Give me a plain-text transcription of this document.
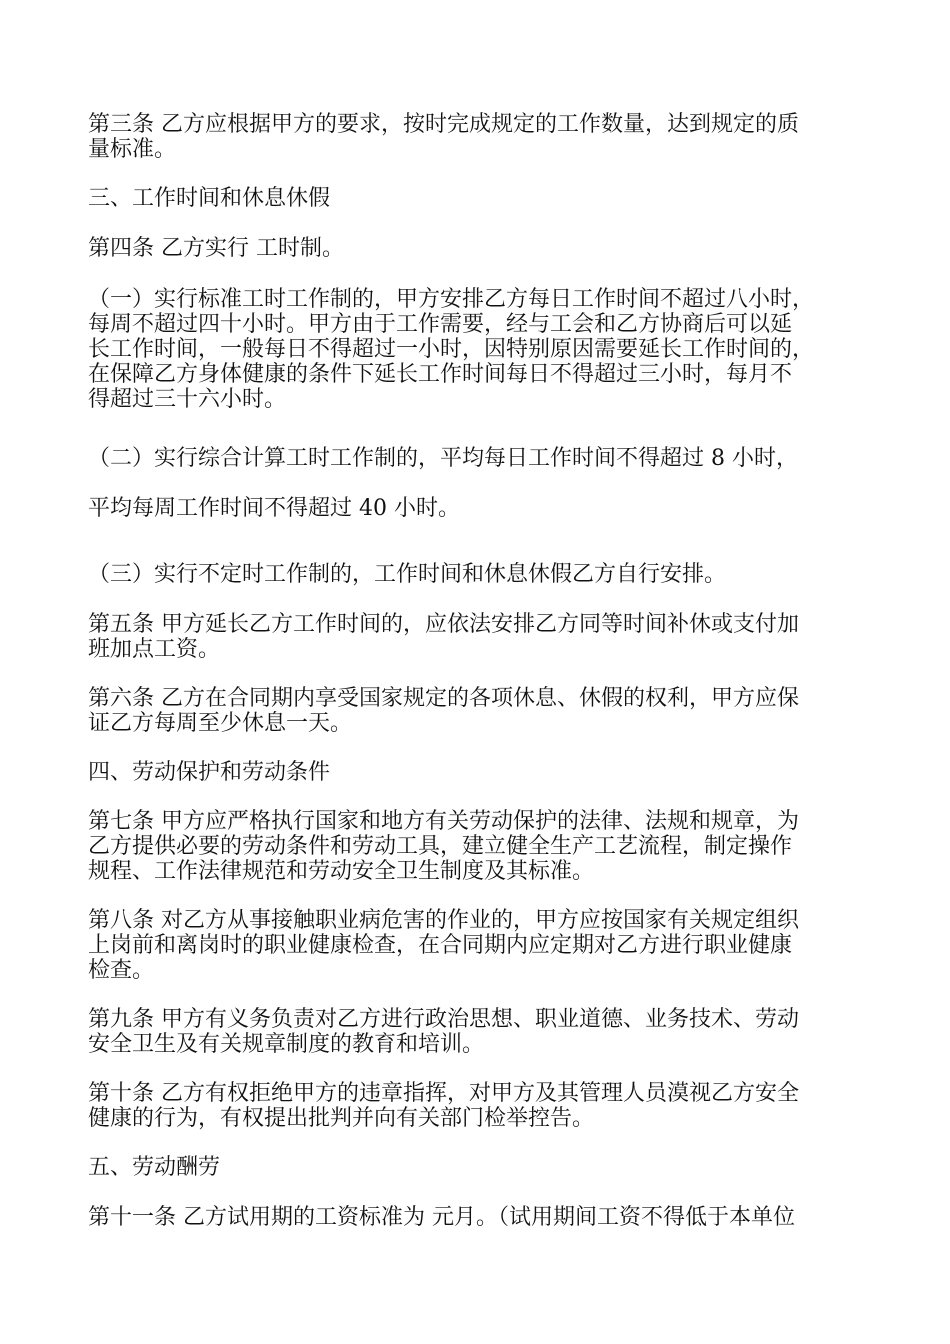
第三条 乙方应根据甲方的要求，按时完成规定的工作数量，达到规定的质
量标准。

三、工作时间和休息休假

第四条 乙方实行 工时制。

（一）实行标准工时工作制的，甲方安排乙方每日工作时间不超过八小时，
每周不超过四十小时。甲方由于工作需要，经与工会和乙方协商后可以延
长工作时间，一般每日不得超过一小时，因特别原因需要延长工作时间的，
在保障乙方身体健康的条件下延长工作时间每日不得超过三小时，每月不
得超过三十六小时。

（二）实行综合计算工时工作制的，平均每日工作时间不得超过 8 小时，

平均每周工作时间不得超过 40 小时。

（三）实行不定时工作制的，工作时间和休息休假乙方自行安排。

第五条 甲方延长乙方工作时间的，应依法安排乙方同等时间补休或支付加
班加点工资。

第六条 乙方在合同期内享受国家规定的各项休息、休假的权利，甲方应保
证乙方每周至少休息一天。

四、劳动保护和劳动条件

第七条 甲方应严格执行国家和地方有关劳动保护的法律、法规和规章，为
乙方提供必要的劳动条件和劳动工具，建立健全生产工艺流程，制定操作
规程、工作法律规范和劳动安全卫生制度及其标准。

第八条 对乙方从事接触职业病危害的作业的，甲方应按国家有关规定组织
上岗前和离岗时的职业健康检查，在合同期内应定期对乙方进行职业健康
检查。

第九条 甲方有义务负责对乙方进行政治思想、职业道德、业务技术、劳动
安全卫生及有关规章制度的教育和培训。

第十条 乙方有权拒绝甲方的违章指挥，对甲方及其管理人员漠视乙方安全
健康的行为，有权提出批判并向有关部门检举控告。

五、劳动酬劳

第十一条 乙方试用期的工资标准为 元月。（试用期间工资不得低于本单位
